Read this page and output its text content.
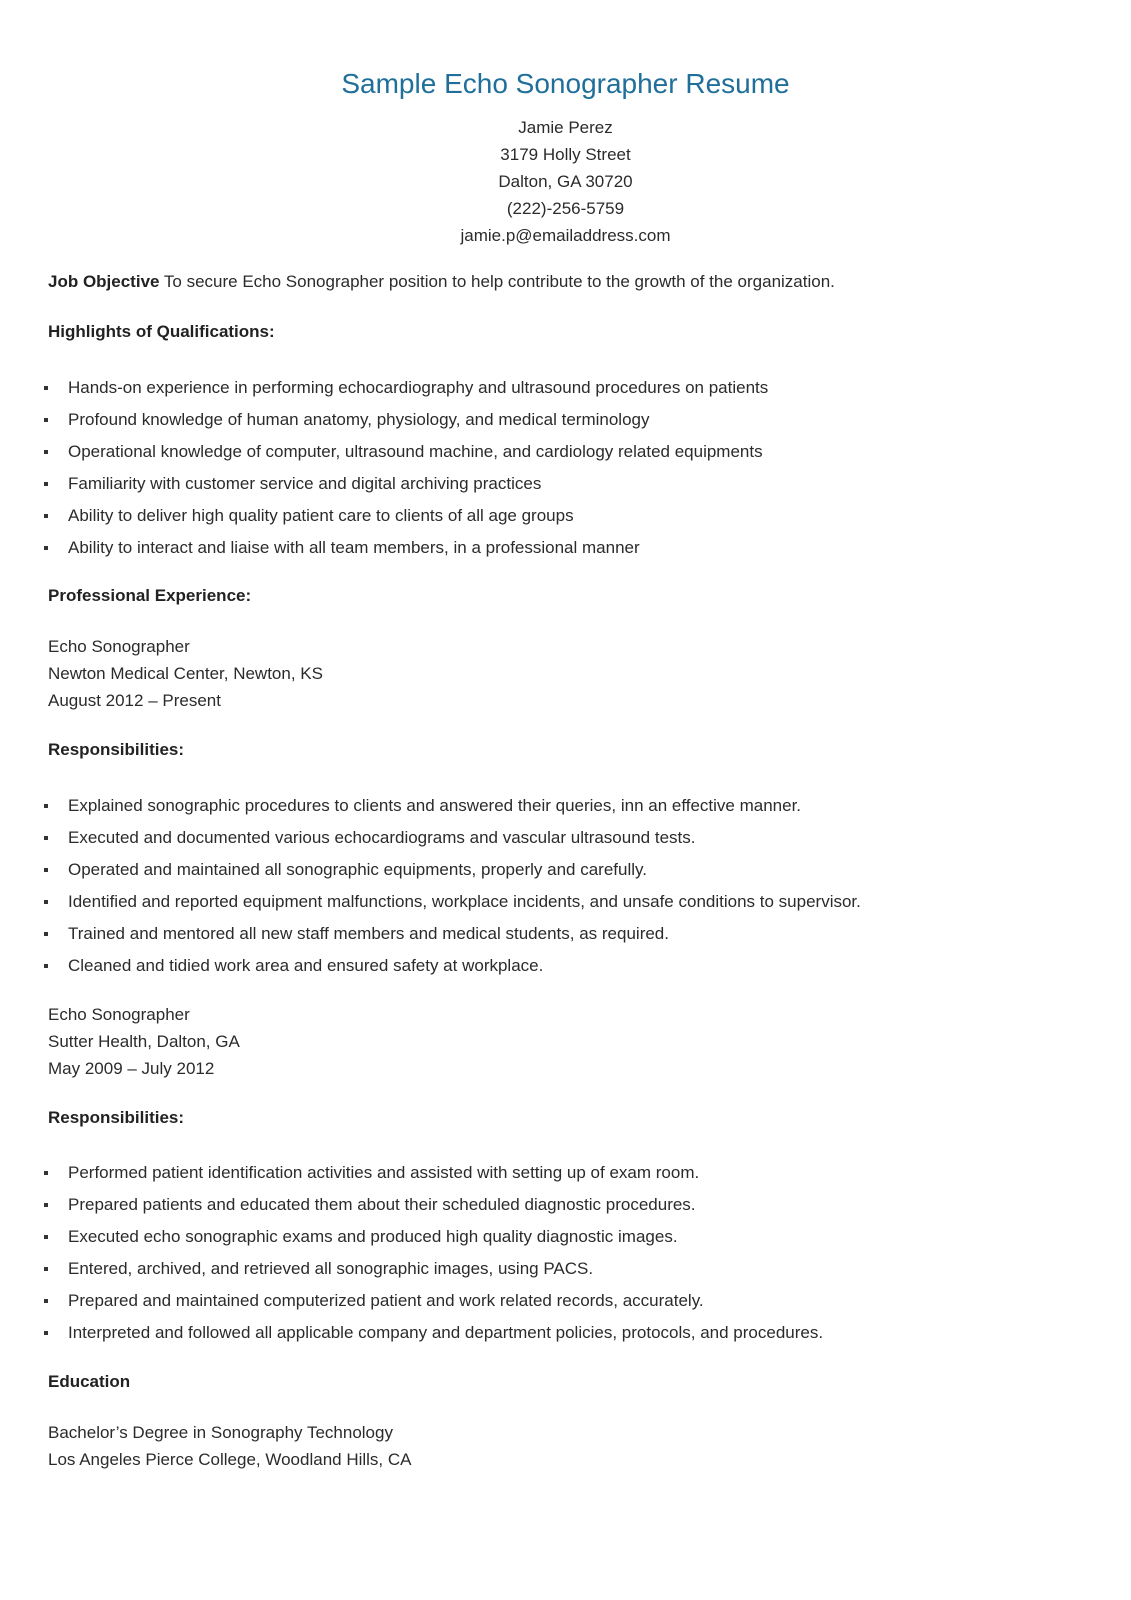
Sample Echo Sonographer Resume
Jamie Perez
3179 Holly Street
Dalton, GA 30720
(222)-256-5759
jamie.p@emailaddress.com
Job Objective To secure Echo Sonographer position to help contribute to the growth of the organization.
Highlights of Qualifications:
Hands-on experience in performing echocardiography and ultrasound procedures on patients
Profound knowledge of human anatomy, physiology, and medical terminology
Operational knowledge of computer, ultrasound machine, and cardiology related equipments
Familiarity with customer service and digital archiving practices
Ability to deliver high quality patient care to clients of all age groups
Ability to interact and liaise with all team members, in a professional manner
Professional Experience:
Echo Sonographer
Newton Medical Center, Newton, KS
August 2012 – Present
Responsibilities:
Explained sonographic procedures to clients and answered their queries, inn an effective manner.
Executed and documented various echocardiograms and vascular ultrasound tests.
Operated and maintained all sonographic equipments, properly and carefully.
Identified and reported equipment malfunctions, workplace incidents, and unsafe conditions to supervisor.
Trained and mentored all new staff members and medical students, as required.
Cleaned and tidied work area and ensured safety at workplace.
Echo Sonographer
Sutter Health, Dalton, GA
May 2009 – July 2012
Responsibilities:
Performed patient identification activities and assisted with setting up of exam room.
Prepared patients and educated them about their scheduled diagnostic procedures.
Executed echo sonographic exams and produced high quality diagnostic images.
Entered, archived, and retrieved all sonographic images, using PACS.
Prepared and maintained computerized patient and work related records, accurately.
Interpreted and followed all applicable company and department policies, protocols, and procedures.
Education
Bachelor’s Degree in Sonography Technology
Los Angeles Pierce College, Woodland Hills, CA
